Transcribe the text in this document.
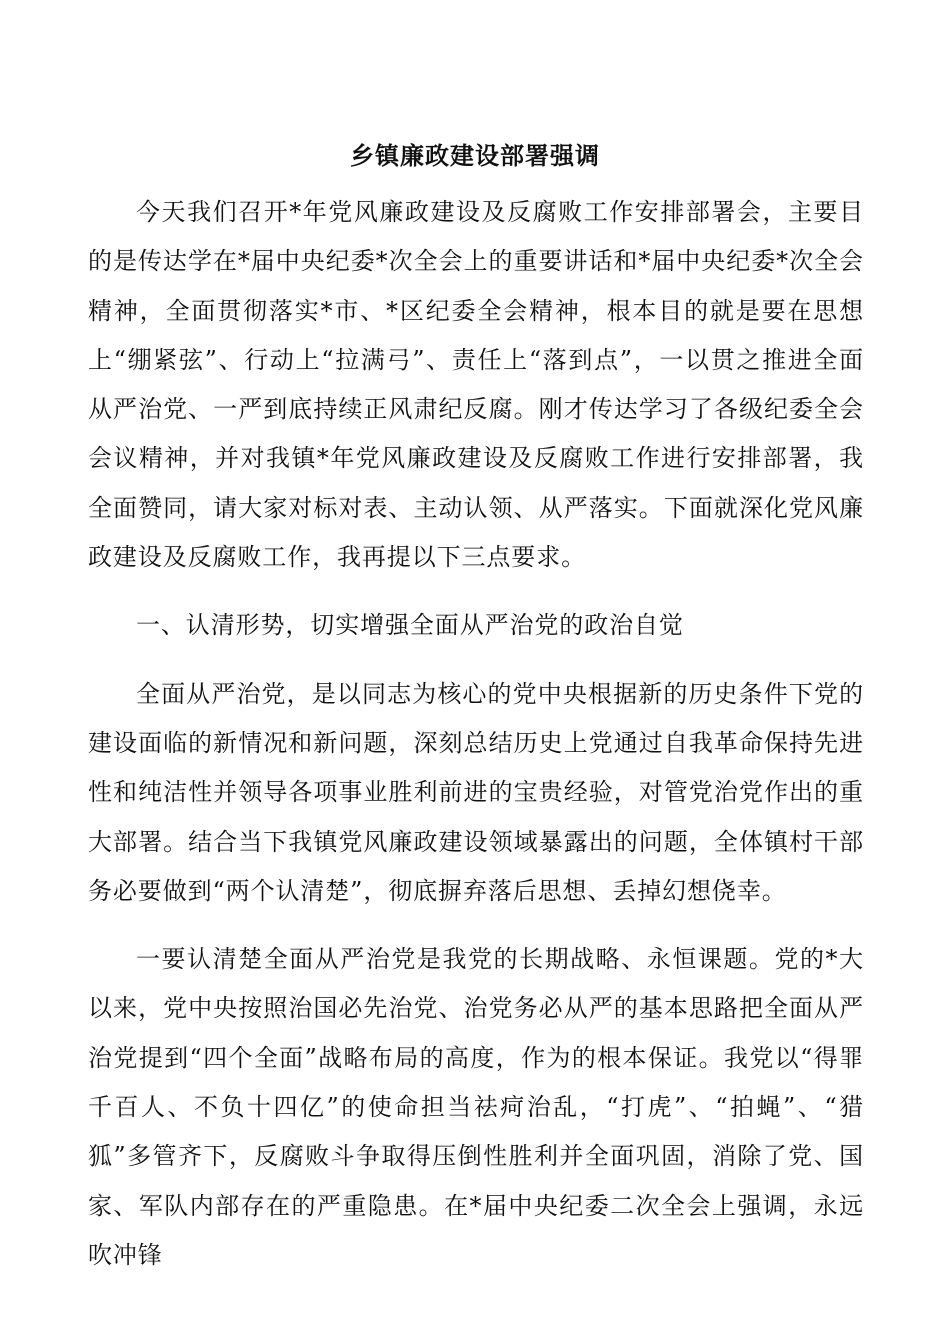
乡镇廉政建设部署强调

今天我们召开*年党风廉政建设及反腐败工作安排部署会，主要目的是传达学在*届中央纪委*次全会上的重要讲话和*届中央纪委*次全会精神，全面贯彻落实*市、*区纪委全会精神，根本目的就是要在思想上“绷紧弦”、行动上“拉满弓”、责任上“落到点”，一以贯之推进全面从严治党、一严到底持续正风肃纪反腐。刚才传达学习了各级纪委全会会议精神，并对我镇*年党风廉政建设及反腐败工作进行安排部署，我全面赞同，请大家对标对表、主动认领、从严落实。下面就深化党风廉政建设及反腐败工作，我再提以下三点要求。

一、认清形势，切实增强全面从严治党的政治自觉

全面从严治党，是以同志为核心的党中央根据新的历史条件下党的建设面临的新情况和新问题，深刻总结历史上党通过自我革命保持先进性和纯洁性并领导各项事业胜利前进的宝贵经验，对管党治党作出的重大部署。结合当下我镇党风廉政建设领域暴露出的问题，全体镇村干部务必要做到“两个认清楚”，彻底摒弃落后思想、丢掉幻想侥幸。

一要认清楚全面从严治党是我党的长期战略、永恒课题。党的*大以来，党中央按照治国必先治党、治党务必从严的基本思路把全面从严治党提到“四个全面”战略布局的高度，作为的根本保证。我党以“得罪千百人、不负十四亿”的使命担当祛疴治乱，“打虎”、“拍蝇”、“猎狐”多管齐下，反腐败斗争取得压倒性胜利并全面巩固，消除了党、国家、军队内部存在的严重隐患。在*届中央纪委二次全会上强调，永远吹冲锋
